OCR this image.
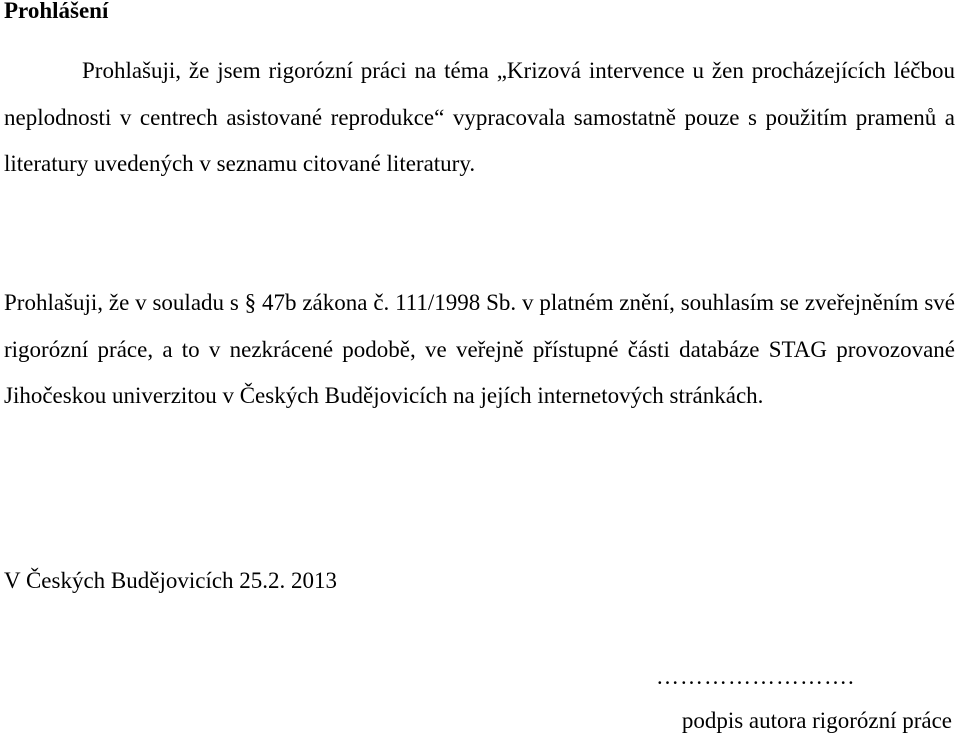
Prohlášení

Prohlašuji, že jsem rigorózní práci na téma „Krizová intervence u žen procházejících léčbou neplodnosti v centrech asistované reprodukce“ vypracovala samostatně pouze s použitím pramenů a literatury uvedených v seznamu citované literatury.

Prohlašuji, že v souladu s § 47b zákona č. 111/1998 Sb. v platném znění, souhlasím se zveřejněním své rigorózní práce, a to v nezkrácené podobě, ve veřejně přístupné části databáze STAG provozované Jihočeskou univerzitou v Českých Budějovicích na jejích internetových stránkách.

V Českých Budějovicích 25.2. 2013

…………………….
podpis autora rigorózní práce
